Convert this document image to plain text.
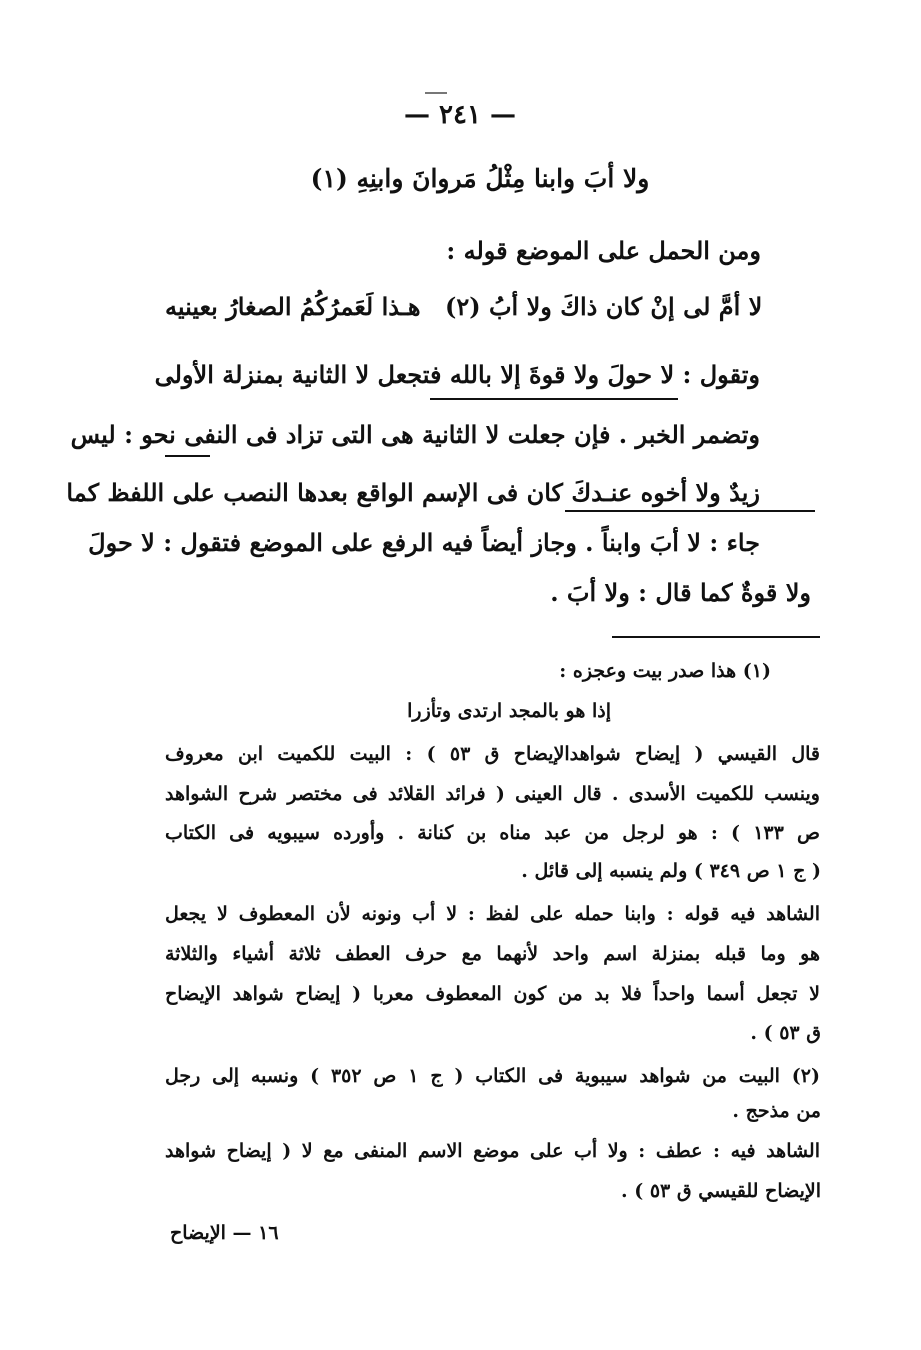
— ٢٤١ —
ولا أبَ وابنا مِثْلُ مَروانَ وابنِهِ (١)
ومن الحمل على الموضع قوله :
لا أمَّ لى إنْ كان ذاكَ ولا أبُ (٢)
هـذا لَعَمرُكُمُ الصغارُ بعينيه
وتقول : لا حولَ ولا قوةَ إلا بالله فتجعل لا الثانية بمنزلة الأولى
وتضمر الخبر . فإن جعلت لا الثانية هى التى تزاد فى النفى نحو : ليس
زيدٌ ولا أخوه عنـدكَ كان فى الإسم الواقع بعدها النصب على اللفظ كما
جاء : لا أبَ وابناً . وجاز أيضاً فيه الرفع على الموضع فتقول : لا حولَ
ولا قوةٌ كما قال : ولا أبَ .
(١) هذا صدر بيت وعجزه :
إذا هو بالمجد ارتدى وتأزرا
قال القيسي ( إيضاح شواهدالإيضاح ق ٥٣ ) : البيت للكميت ابن معروف
وينسب للكميت الأسدى . قال العينى ( فرائد القلائد فى مختصر شرح الشواهد
ص ١٣٣ ) : هو لرجل من عبد مناه بن كنانة . وأورده سيبويه فى الكتاب
( ج ١ ص ٣٤٩ ) ولم ينسبه إلى قائل .
الشاهد فيه قوله : وابنا حمله على لفظ : لا أب ونونه لأن المعطوف لا يجعل
هو وما قبله بمنزلة اسم واحد لأنهما مع حرف العطف ثلاثة أشياء والثلاثة
لا تجعل أسما واحداً فلا بد من كون المعطوف معربا ( إيضاح شواهد الإيضاح
ق ٥٣ ) .
(٢) البيت من شواهد سيبوية فى الكتاب ( ج ١ ص ٣٥٢ ) ونسبه إلى رجل
من مذحج .
الشاهد فيه : عطف : ولا أب على موضع الاسم المنفى مع لا ( إيضاح شواهد
الإيضاح للقيسي ق ٥٣ ) .
١٦ — الإيضاح
